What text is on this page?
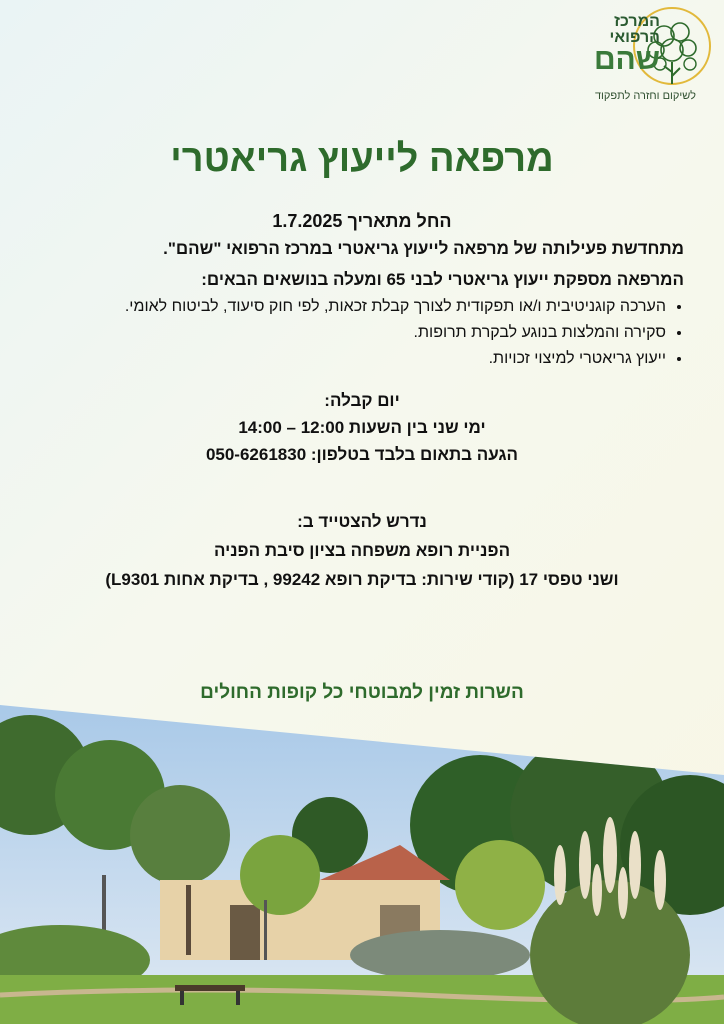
המרכז
הרפואי
שהם
לשיקום וחזרה לתפקוד
מרפאה לייעוץ גריאטרי
החל מתאריך 1.7.2025
מתחדשת פעילותה של מרפאה לייעוץ גריאטרי במרכז הרפואי "שהם".
המרפאה מספקת ייעוץ גריאטרי לבני 65 ומעלה בנושאים הבאים:
• הערכה קוגניטיבית ו/או תפקודית לצורך קבלת זכאות, לפי חוק סיעוד, לביטוח לאומי.
• סקירה והמלצות בנוגע לבקרת תרופות.
• ייעוץ גריאטרי למיצוי זכויות.
יום קבלה:
ימי שני בין השעות 12:00 – 14:00
הגעה בתאום בלבד בטלפון: 050-6261830
נדרש להצטייד ב:
הפניית רופא משפחה בציון סיבת הפניה
ושני טפסי 17 (קודי שירות: בדיקת רופא 99242 , בדיקת אחות L9301)
השרות זמין למבוטחי כל קופות החולים
